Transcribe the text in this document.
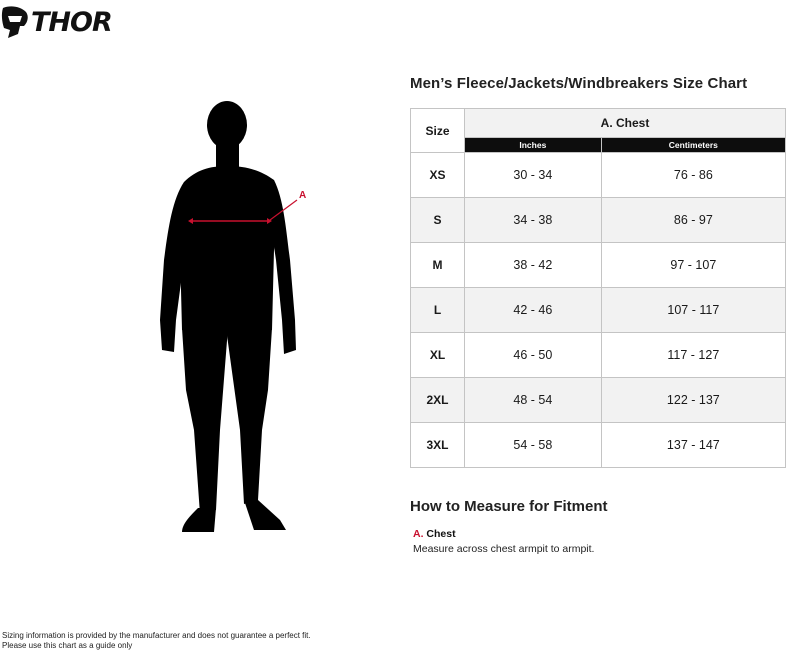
THOR
A
Men’s Fleece/Jackets/Windbreakers Size Chart
Size	A. Chest	
	Inches	Centimeters
XS	30 - 34	76 - 86
S	34 - 38	86 - 97
M	38 - 42	97 - 107
L	42 - 46	107 - 117
XL	46 - 50	117 - 127
2XL	48 - 54	122 - 137
3XL	54 - 58	137 - 147
How to Measure for Fitment
A. Chest
Measure across chest armpit to armpit.
Sizing information is provided by the manufacturer and does not guarantee a perfect fit.
Please use this chart as a guide only
